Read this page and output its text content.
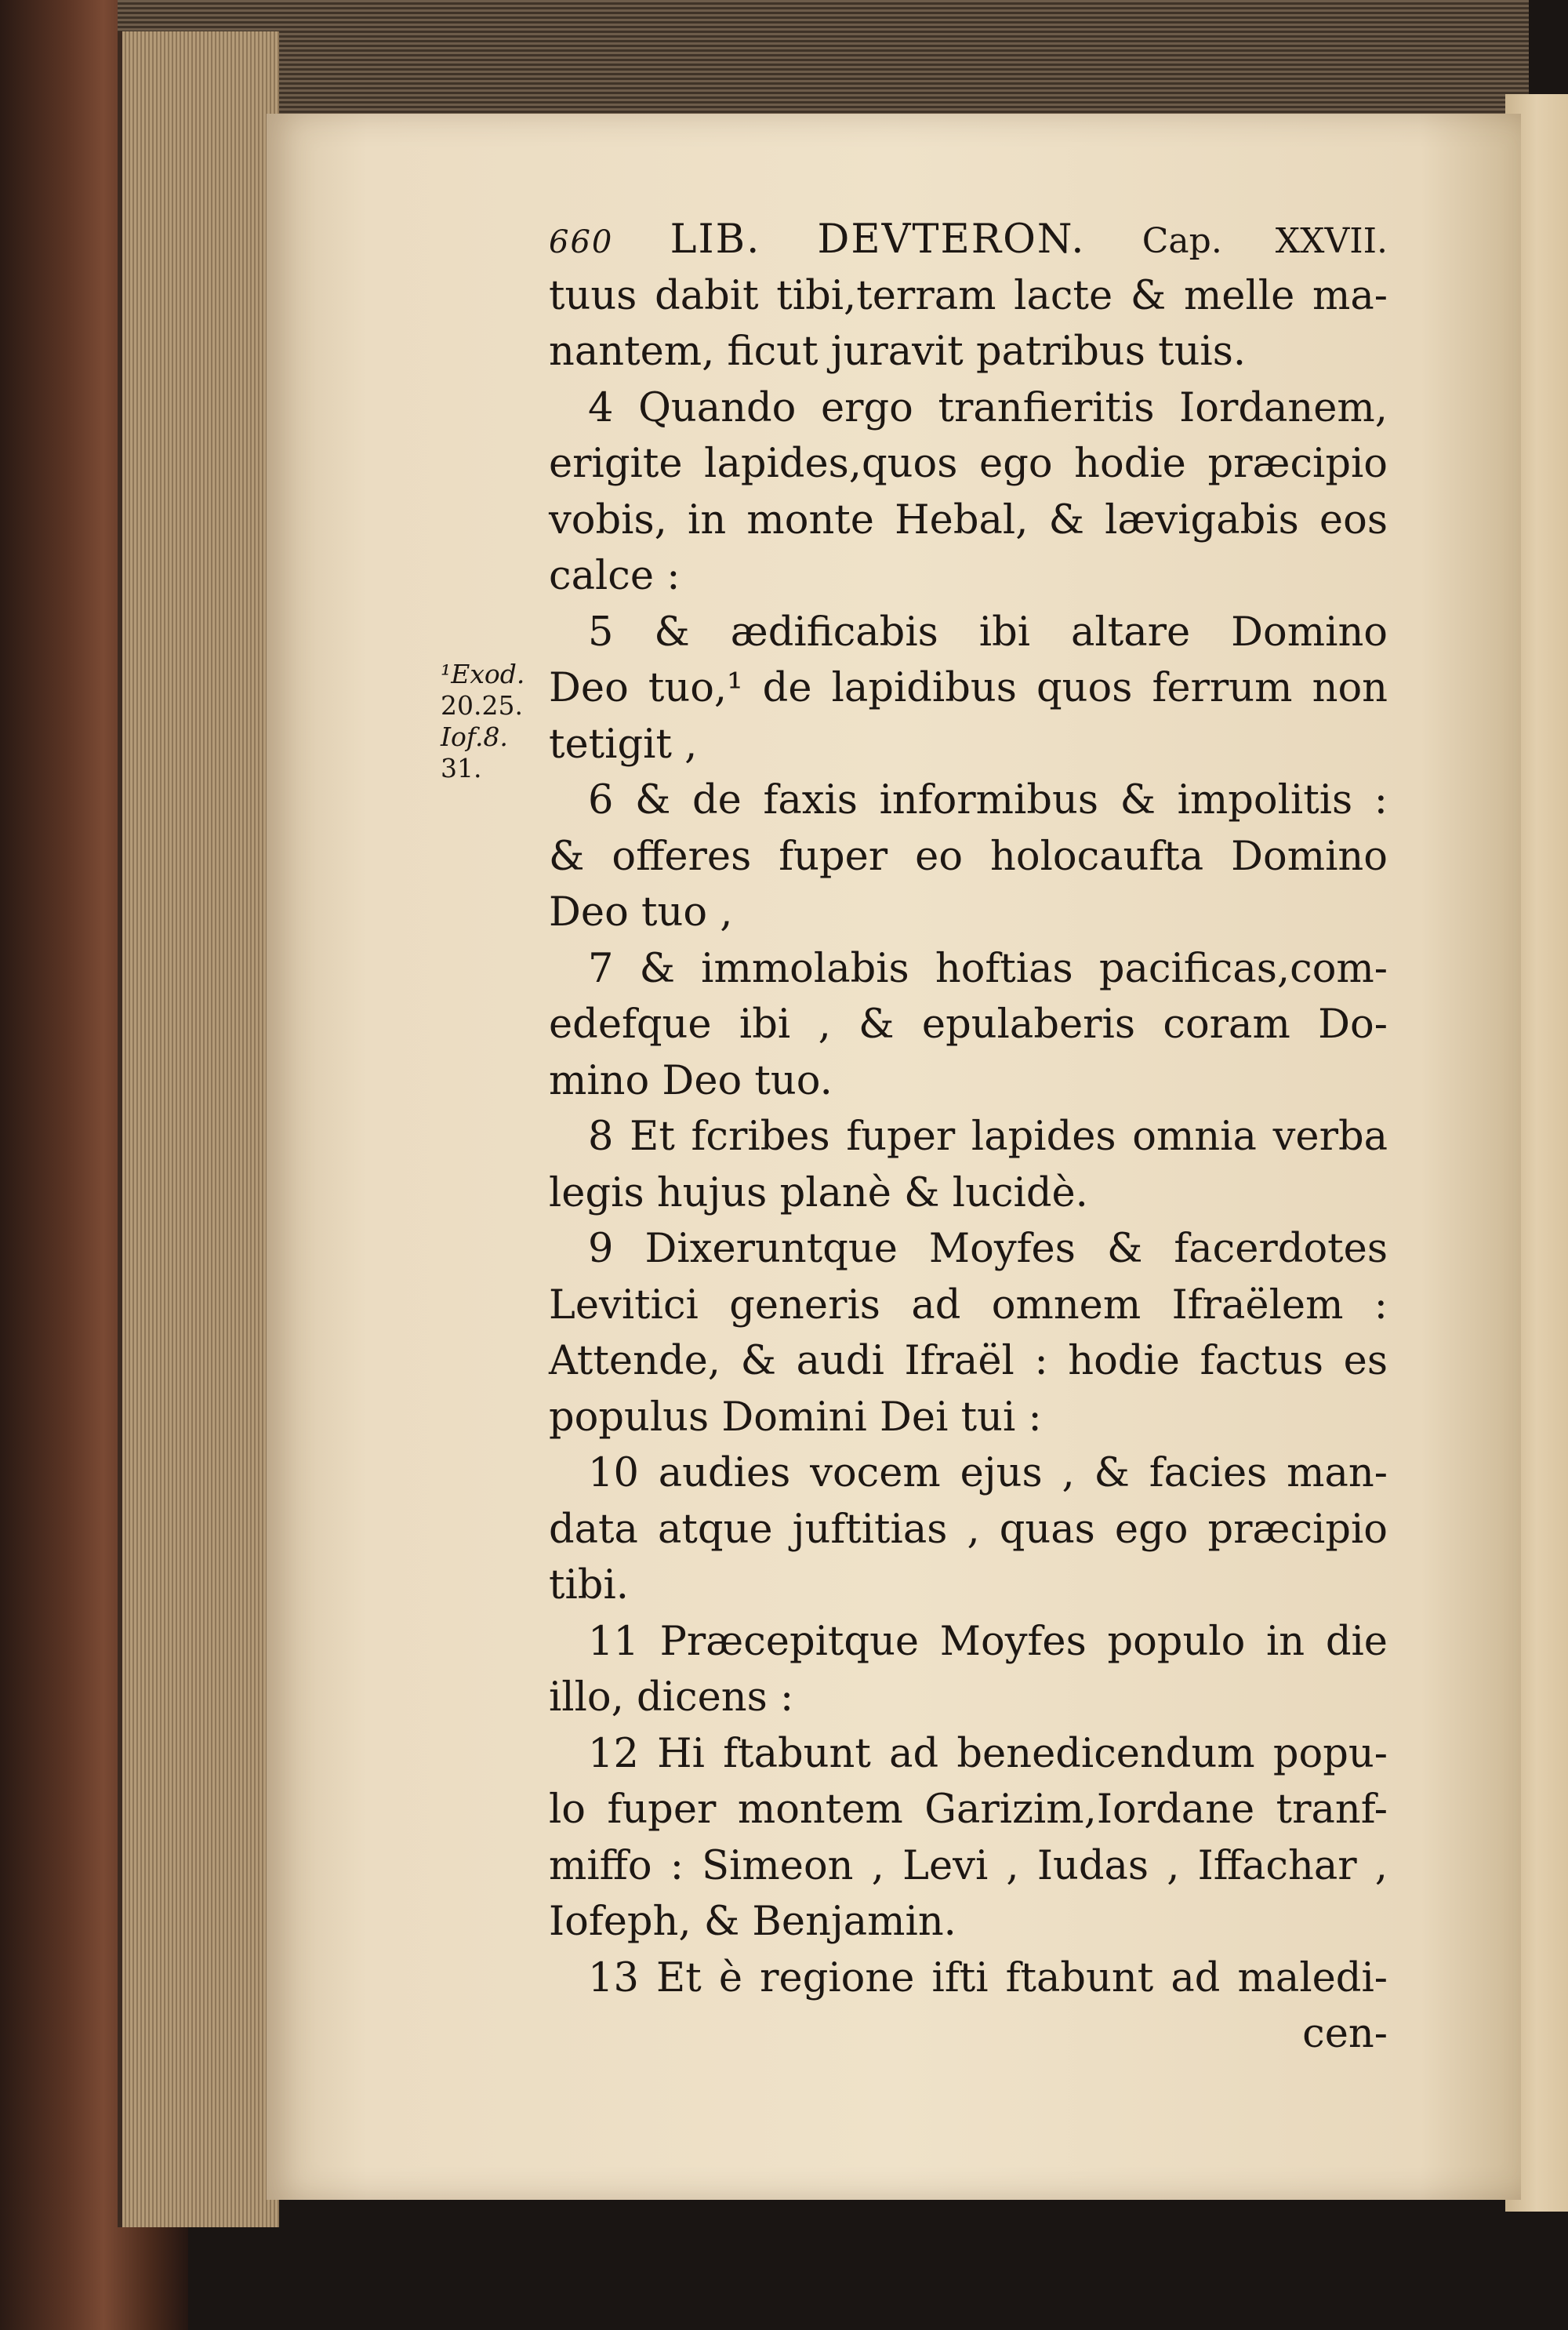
¹Exod.
20.25.
Iof.8.
31.
660 LIB. DEVTERON. Cap. XXVII.
tuus dabit tibi,terram lacte & melle ma-
nantem, ficut juravit patribus tuis.
4 Quando ergo tranfieritis Iordanem,
erigite lapides,quos ego hodie præcipio
vobis, in monte Hebal, & lævigabis eos
calce :
5 & ædificabis ibi altare Domino
Deo tuo,¹ de lapidibus quos ferrum non
tetigit ,
6 & de faxis informibus & impolitis :
& offeres fuper eo holocaufta Domino
Deo tuo ,
7 & immolabis hoftias pacificas,com-
edefque ibi , & epulaberis coram Do-
mino Deo tuo.
8 Et fcribes fuper lapides omnia verba
legis hujus planè & lucidè.
9 Dixeruntque Moyfes & facerdotes
Levitici generis ad omnem Ifraëlem :
Attende, & audi Ifraël : hodie factus es
populus Domini Dei tui :
10 audies vocem ejus , & facies man-
data atque juftitias , quas ego præcipio
tibi.
11 Præcepitque Moyfes populo in die
illo, dicens :
12 Hi ftabunt ad benedicendum popu-
lo fuper montem Garizim,Iordane tranf-
miffo : Simeon , Levi , Iudas , Iffachar ,
Iofeph, & Benjamin.
13 Et è regione ifti ftabunt ad maledi-
cen-
